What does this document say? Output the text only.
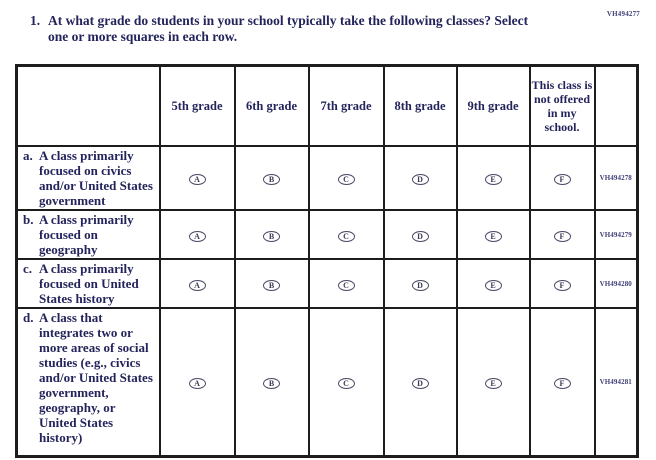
1. At what grade do students in your school typically take the following classes? Select
one or more squares in each row.
VH494277
	5th grade	6th grade	7th grade	8th grade	9th grade	This class is not offered in my school.	

a. A class primarily focused on civics and/or United States government	A	B	C	D	E	F	VH494278

b. A class primarily focused on geography	A	B	C	D	E	F	VH494279

c. A class primarily focused on United States history	A	B	C	D	E	F	VH494280

d. A class that integrates two or more areas of social studies (e.g., civics and/or United States government, geography, or United States history)	A	B	C	D	E	F	VH494281
